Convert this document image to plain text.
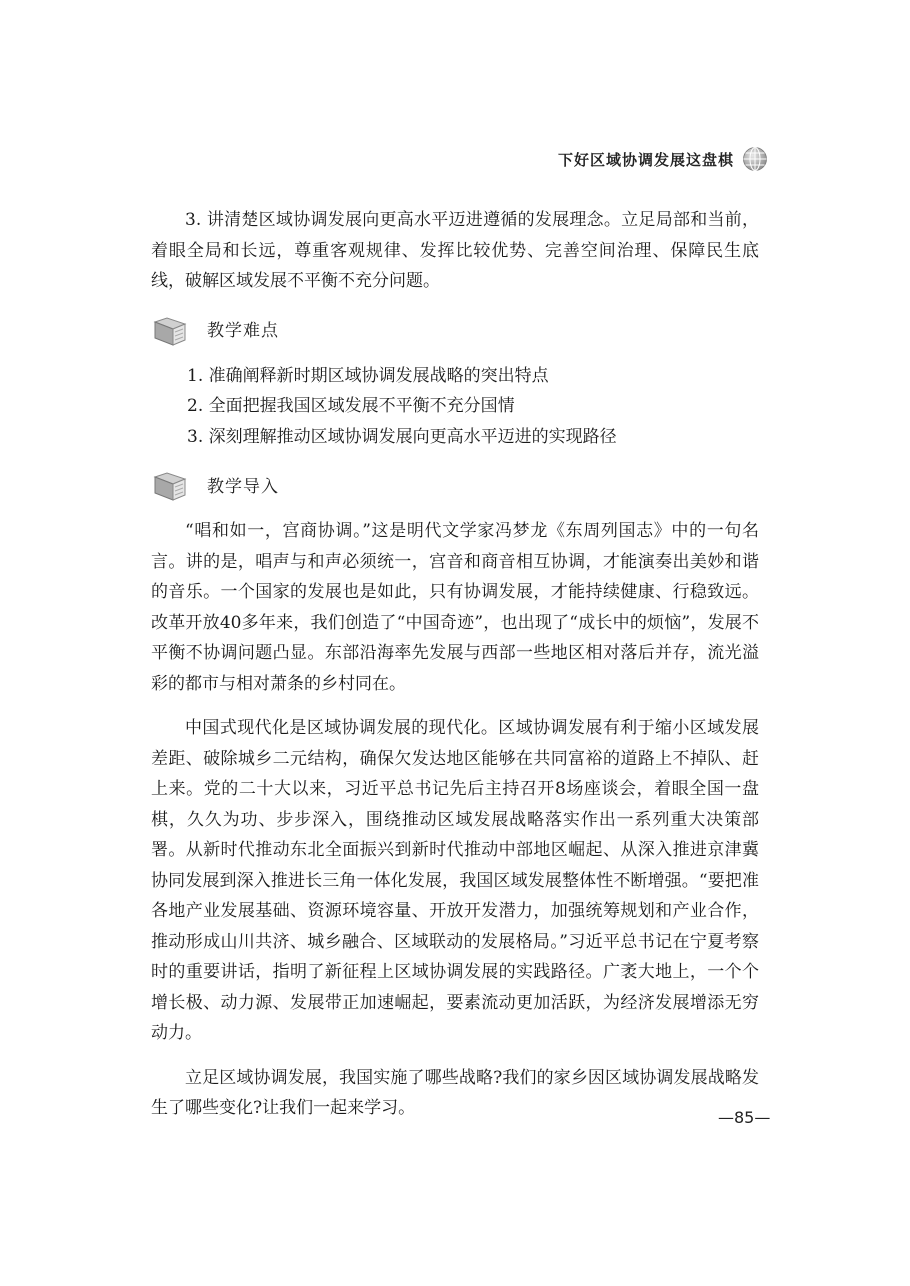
下好区域协调发展这盘棋

3. 讲清楚区域协调发展向更高水平迈进遵循的发展理念。立足局部和当前，着眼全局和长远，尊重客观规律、发挥比较优势、完善空间治理、保障民生底线，破解区域发展不平衡不充分问题。

教学难点
1. 准确阐释新时期区域协调发展战略的突出特点
2. 全面把握我国区域发展不平衡不充分国情
3. 深刻理解推动区域协调发展向更高水平迈进的实现路径
教学导入

“唱和如一，宫商协调。”这是明代文学家冯梦龙《东周列国志》中的一句名言。讲的是，唱声与和声必须统一，宫音和商音相互协调，才能演奏出美妙和谐的音乐。一个国家的发展也是如此，只有协调发展，才能持续健康、行稳致远。改革开放40多年来，我们创造了“中国奇迹”，也出现了“成长中的烦恼”，发展不平衡不协调问题凸显。东部沿海率先发展与西部一些地区相对落后并存，流光溢彩的都市与相对萧条的乡村同在。

中国式现代化是区域协调发展的现代化。区域协调发展有利于缩小区域发展差距、破除城乡二元结构，确保欠发达地区能够在共同富裕的道路上不掉队、赶上来。党的二十大以来，习近平总书记先后主持召开8场座谈会，着眼全国一盘棋，久久为功、步步深入，围绕推动区域发展战略落实作出一系列重大决策部署。从新时代推动东北全面振兴到新时代推动中部地区崛起、从深入推进京津冀协同发展到深入推进长三角一体化发展，我国区域发展整体性不断增强。“要把准各地产业发展基础、资源环境容量、开放开发潜力，加强统筹规划和产业合作，推动形成山川共济、城乡融合、区域联动的发展格局。”习近平总书记在宁夏考察时的重要讲话，指明了新征程上区域协调发展的实践路径。广袤大地上，一个个增长极、动力源、发展带正加速崛起，要素流动更加活跃，为经济发展增添无穷动力。

立足区域协调发展，我国实施了哪些战略?我们的家乡因区域协调发展战略发生了哪些变化?让我们一起来学习。	—85—
